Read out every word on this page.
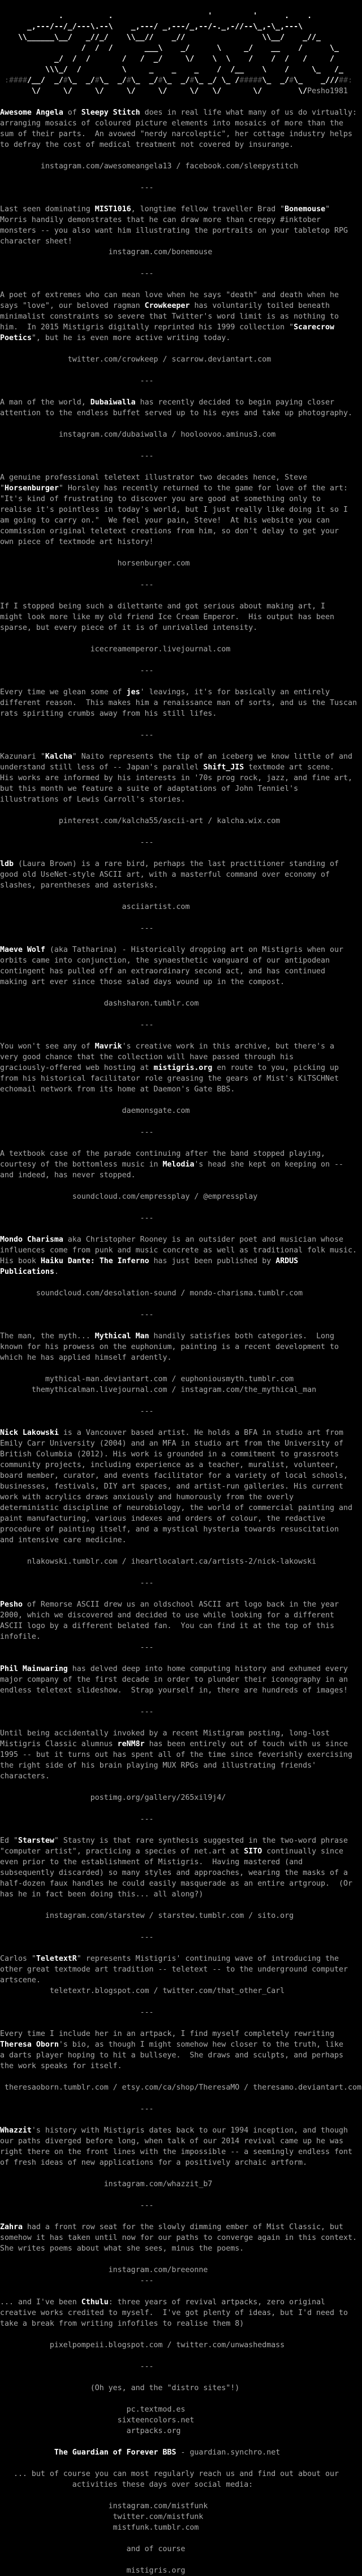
.          .                     '         '      .    .
_,---/--/_/---\.--\    _,---/ _,---/_,--/-._,-//--\_,-\_,---\
\\______\__/   _//_/    \\__//    _//                 \\__/    _//_
/  /  /       ___\    _/      \     _/    __    /      \_
_/  /  /       /   /  _/     \/    \  \    /    /  /   /     /
\\\_/  /         \     _    _    _    /  /__    \    /     \_   /_
:####/__/  _/#\_  _/#\_  _/#\_  _/#\_  _/#\_ _/ \_ /#####\_  _/#\_    _///##:
\/     \/     \/     \/     \/     \/   \/       \/        \/Pesho1981
Awesome Angela of Sleepy Stitch does in real life what many of us do virtually:
arranging mosaics of coloured picture elements into mosaics of more than the
sum of their parts.  An avowed "nerdy narcoleptic", her cottage industry helps
to defray the cost of medical treatment not covered by insurange.
instagram.com/awesomeangela13 / facebook.com/sleepystitch
---
Last seen dominating MIST1016, longtime fellow traveller Brad "Bonemouse"
Morris handily demonstrates that he can draw more than creepy #inktober
monsters -- you also want him illustrating the portraits on your tabletop RPG
character sheet!
instagram.com/bonemouse
---
A poet of extremes who can mean love when he says "death" and death when he
says "love", our beloved ragman Crowkeeper has voluntarily toiled beneath
minimalist constraints so severe that Twitter's word limit is as nothing to
him.  In 2015 Mistigris digitally reprinted his 1999 collection "Scarecrow
Poetics", but he is even more active writing today.
twitter.com/crowkeep / scarrow.deviantart.com
---
A man of the world, Dubaiwalla has recently decided to begin paying closer
attention to the endless buffet served up to his eyes and take up photography.
instagram.com/dubaiwalla / hooloovoo.aminus3.com
---
A genuine professional teletext illustrator two decades hence, Steve
"Horsenburger" Horsley has recently returned to the game for love of the art:
"It's kind of frustrating to discover you are good at something only to
realise it's pointless in today's world, but I just really like doing it so I
am going to carry on."  We feel your pain, Steve!  At his website you can
commission original teletext creations from him, so don't delay to get your
own piece of textmode art history!
horsenburger.com
---
If I stopped being such a dilettante and got serious about making art, I
might look more like my old friend Ice Cream Emperor.  His output has been
sparse, but every piece of it is of unrivalled intensity.
icecreamemperor.livejournal.com
---
Every time we glean some of jes' leavings, it's for basically an entirely
different reason.  This makes him a renaissance man of sorts, and us the Tuscan
rats spiriting crumbs away from his still lifes.
---
Kazunari "Kalcha" Naito represents the tip of an iceberg we know little of and
understand still less of -- Japan's parallel Shift_JIS textmode art scene.
His works are informed by his interests in '70s prog rock, jazz, and fine art,
but this month we feature a suite of adaptations of John Tenniel's
illustrations of Lewis Carroll's stories.
pinterest.com/kalcha55/ascii-art / kalcha.wix.com
---
ldb (Laura Brown) is a rare bird, perhaps the last practitioner standing of
good old UseNet-style ASCII art, with a masterful command over economy of
slashes, parentheses and asterisks.
asciiartist.com
---
Maeve Wolf (aka Tatharina) - Historically dropping art on Mistigris when our
orbits came into conjunction, the synaesthetic vanguard of our antipodean
contingent has pulled off an extraordinary second act, and has continued
making art ever since those salad days wound up in the compost.
dashsharon.tumblr.com
---
You won't see any of Mavrik's creative work in this archive, but there's a
very good chance that the collection will have passed through his
graciously-offered web hosting at mistigris.org en route to you, picking up
from his historical facilitator role greasing the gears of Mist's KiTSCHNet
echomail network from its home at Daemon's Gate BBS.
daemonsgate.com
---
A textbook case of the parade continuing after the band stopped playing,
courtesy of the bottomless music in Melodia's head she kept on keeping on --
and indeed, has never stopped.
soundcloud.com/empressplay / @empressplay
---
Mondo Charisma aka Christopher Rooney is an outsider poet and musician whose
influences come from punk and music concrete as well as traditional folk music.
His book Haiku Dante: The Inferno has just been published by ARDUS
Publications.
soundcloud.com/desolation-sound / mondo-charisma.tumblr.com
---
The man, the myth... Mythical Man handily satisfies both categories.  Long
known for his prowess on the euphonium, painting is a recent development to
which he has applied himself ardently.
mythical-man.deviantart.com / euphoniousmyth.tumblr.com
themythicalman.livejournal.com / instagram.com/the_mythical_man
---
Nick Lakowski is a Vancouver based artist. He holds a BFA in studio art from
Emily Carr University (2004) and an MFA in studio art from the University of
British Columbia (2012). His work is grounded in a commitment to grassroots
community projects, including experience as a teacher, muralist, volunteer,
board member, curator, and events facilitator for a variety of local schools,
businesses, festivals, DIY art spaces, and artist-run galleries. His current
work with acrylics draws anxiously and humorously from the overly
deterministic discipline of neurobiology, the world of commercial painting and
paint manufacturing, various indexes and orders of colour, the redactive
procedure of painting itself, and a mystical hysteria towards resuscitation
and intensive care medicine.
nlakowski.tumblr.com / iheartlocalart.ca/artists-2/nick-lakowski
---
Pesho of Remorse ASCII drew us an oldschool ASCII art logo back in the year
2000, which we discovered and decided to use while looking for a different
ASCII logo by a different belated fan.  You can find it at the top of this
infofile.
---
Phil Mainwaring has delved deep into home computing history and exhumed every
major company of the first decade in order to plunder their iconography in an
endless teletext slideshow.  Strap yourself in, there are hundreds of images!
---
Until being accidentally invoked by a recent Mistigram posting, long-lost
Mistigris Classic alumnus reNM8r has been entirely out of touch with us since
1995 -- but it turns out has spent all of the time since feverishly exercising
the right side of his brain playing MUX RPGs and illustrating friends'
characters.
postimg.org/gallery/265xil9j4/
---
Ed "Starstew" Stastny is that rare synthesis suggested in the two-word phrase
"computer artist", practicing a species of net.art at SITO continually since
even prior to the establishment of Mistigris.  Having mastered (and
subsequently discarded) so many styles and approaches, wearing the masks of a
half-dozen faux handles he could easily masquerade as an entire artgroup.  (Or
has he in fact been doing this... all along?)
instagram.com/starstew / starstew.tumblr.com / sito.org
---
Carlos "TeletextR" represents Mistigris' continuing wave of introducing the
other great textmode art tradition -- teletext -- to the underground computer
artscene.
teletextr.blogspot.com / twitter.com/that_other_Carl
---
Every time I include her in an artpack, I find myself completely rewriting
Theresa Oborn's bio, as though I might somehow hew closer to the truth, like
a darts player hoping to hit a bullseye.  She draws and sculpts, and perhaps
the work speaks for itself.
theresaoborn.tumblr.com / etsy.com/ca/shop/TheresaMO / theresamo.deviantart.com
---
Whazzit's history with Mistigris dates back to our 1994 inception, and though
our paths diverged before long, when talk of our 2014 revival came up he was
right there on the front lines with the impossible -- a seemingly endless font
of fresh ideas of new applications for a positively archaic artform.
instagram.com/whazzit_b7
---
Zahra had a front row seat for the slowly dimming ember of Mist Classic, but
somehow it has taken until now for our paths to converge again in this context.
She writes poems about what she sees, minus the poems.
instagram.com/breeonne
---
... and I've been Cthulu: three years of revival artpacks, zero original
creative works credited to myself.  I've got plenty of ideas, but I'd need to
take a break from writing infofiles to realise them 8)
pixelpompeii.blogspot.com / twitter.com/unwashedmass
---
(Oh yes, and the "distro sites"!)
pc.textmod.es
sixteencolors.net
artpacks.org
The Guardian of Forever BBS - guardian.synchro.net
... but of course you can most regularly reach us and find out about our
activities these days over social media:
instagram.com/mistfunk
twitter.com/mistfunk
mistfunk.tumblr.com
and of course
mistigris.org
